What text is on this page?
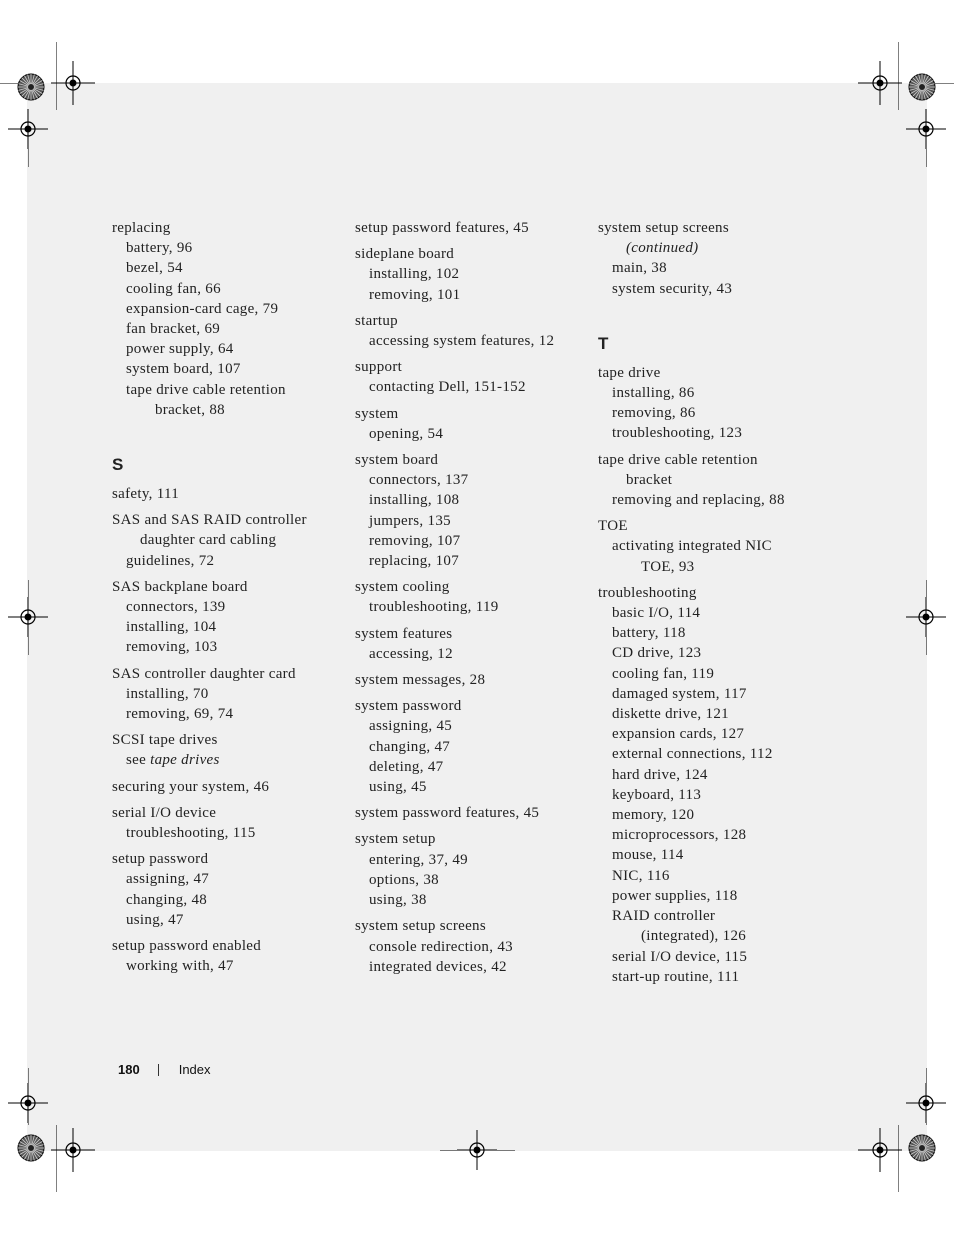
replacing
battery, 96
bezel, 54
cooling fan, 66
expansion-card cage, 79
fan bracket, 69
power supply, 64
system board, 107
tape drive cable retention
bracket, 88
S
safety, 111
SAS and SAS RAID controller
daughter card cabling
guidelines, 72
SAS backplane board
connectors, 139
installing, 104
removing, 103
SAS controller daughter card
installing, 70
removing, 69, 74
SCSI tape drives
see tape drives
securing your system, 46
serial I/O device
troubleshooting, 115
setup password
assigning, 47
changing, 48
using, 47
setup password enabled
working with, 47
setup password features, 45
sideplane board
installing, 102
removing, 101
startup
accessing system features, 12
support
contacting Dell, 151-152
system
opening, 54
system board
connectors, 137
installing, 108
jumpers, 135
removing, 107
replacing, 107
system cooling
troubleshooting, 119
system features
accessing, 12
system messages, 28
system password
assigning, 45
changing, 47
deleting, 47
using, 45
system password features, 45
system setup
entering, 37, 49
options, 38
using, 38
system setup screens
console redirection, 43
integrated devices, 42
system setup screens
(continued)
main, 38
system security, 43
T
tape drive
installing, 86
removing, 86
troubleshooting, 123
tape drive cable retention
bracket
removing and replacing, 88
TOE
activating integrated NIC
TOE, 93
troubleshooting
basic I/O, 114
battery, 118
CD drive, 123
cooling fan, 119
damaged system, 117
diskette drive, 121
expansion cards, 127
external connections, 112
hard drive, 124
keyboard, 113
memory, 120
microprocessors, 128
mouse, 114
NIC, 116
power supplies, 118
RAID controller
(integrated), 126
serial I/O device, 115
start-up routine, 111
180	Index
